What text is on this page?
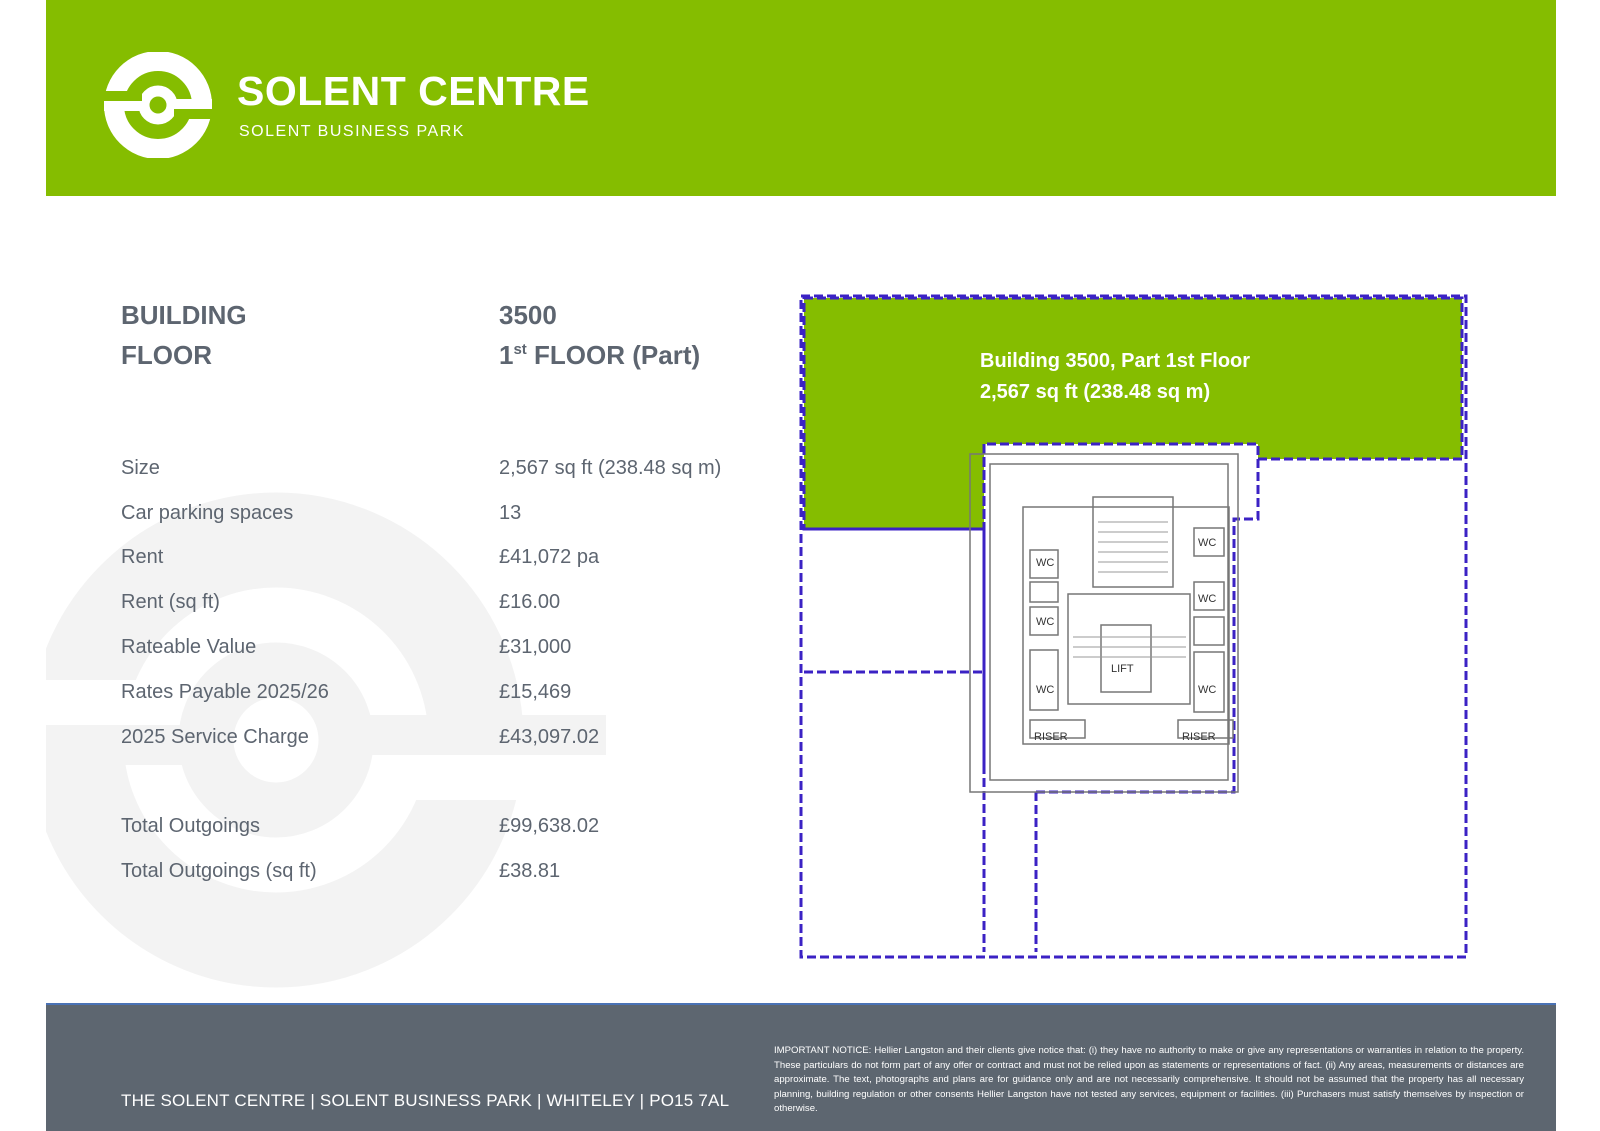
SOLENT CENTRE
SOLENT BUSINESS PARK
BUILDING	3500
FLOOR	1st FLOOR (Part)
Size	2,567 sq ft (238.48 sq m)
Car parking spaces	13
Rent	£41,072 pa
Rent (sq ft)	£16.00
Rateable Value	£31,000
Rates Payable 2025/26	£15,469
2025 Service Charge	£43,097.02
Total Outgoings	£99,638.02
Total Outgoings (sq ft)	£38.81
WC
WC
WC
WC
WC
WC
LIFT
RISER	RISER
Building 3500, Part 1st Floor
2,567 sq ft (238.48 sq m)
THE SOLENT CENTRE | SOLENT BUSINESS PARK | WHITELEY | PO15 7AL
IMPORTANT NOTICE: Hellier Langston and their clients give notice that: (i) they have no authority to make or give any representations or warranties in relation to the property. These particulars do not form part of any offer or contract and must not be relied upon as statements or representations of fact. (ii) Any areas, measurements or distances are approximate. The text, photographs and plans are for guidance only and are not necessarily comprehensive. It should not be assumed that the property has all necessary planning, building regulation or other consents Hellier Langston have not tested any services, equipment or facilities. (iii) Purchasers must satisfy themselves by inspection or otherwise.
